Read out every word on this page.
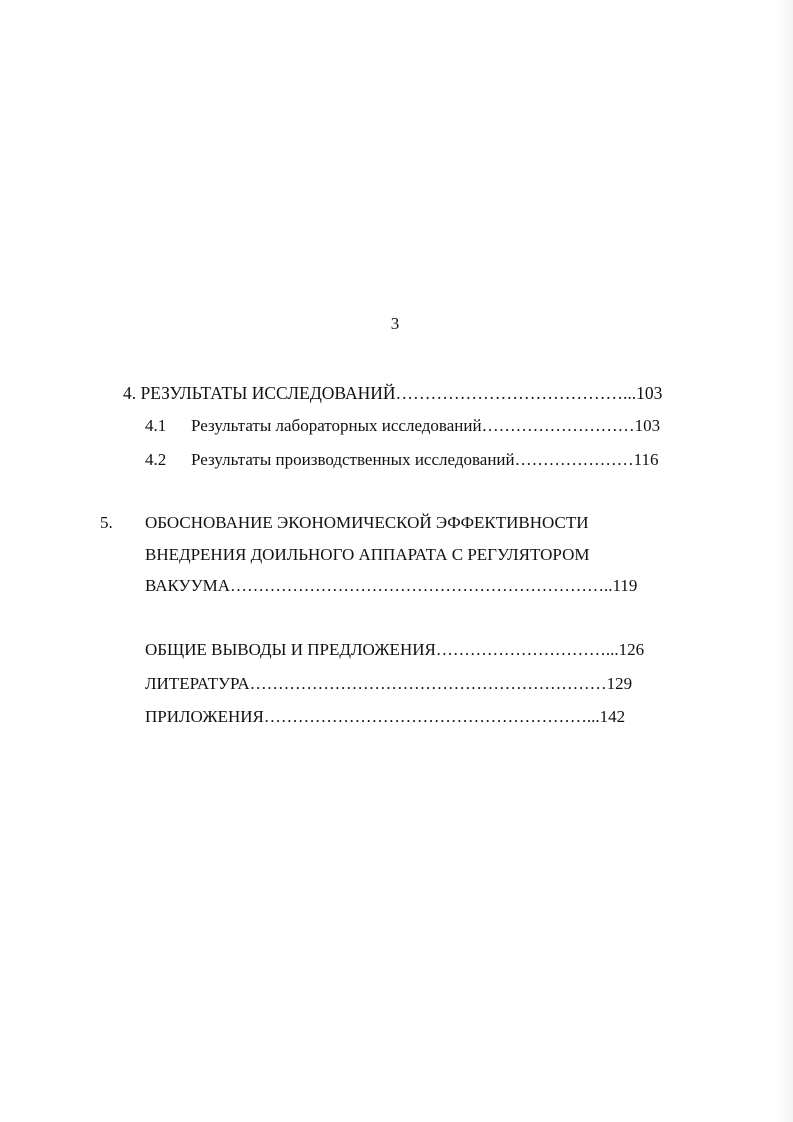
3
4. РЕЗУЛЬТАТЫ ИССЛЕДОВАНИЙ…………………………………...103
4.1 Результаты лабораторных исследований………………………103
4.2 Результаты производственных исследований…………………116
5. ОБОСНОВАНИЕ ЭКОНОМИЧЕСКОЙ ЭФФЕКТИВНОСТИ
ВНЕДРЕНИЯ ДОИЛЬНОГО АППАРАТА С РЕГУЛЯТОРОМ
ВАКУУМА…………………………………………………………..119
ОБЩИЕ ВЫВОДЫ И ПРЕДЛОЖЕНИЯ…………………………...126
ЛИТЕРАТУРА………………………………………………………129
ПРИЛОЖЕНИЯ…………………………………………………...142
